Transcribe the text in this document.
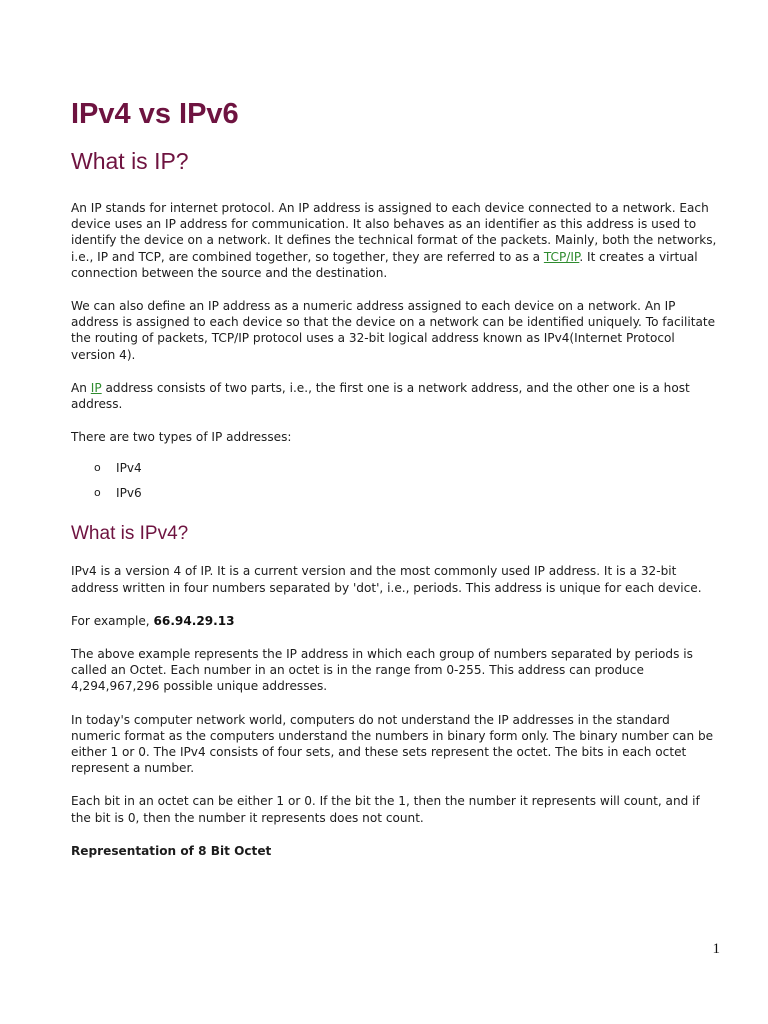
IPv4 vs IPv6
What is IP?

An IP stands for internet protocol. An IP address is assigned to each device connected to a network. Each device uses an IP address for communication. It also behaves as an identifier as this address is used to identify the device on a network. It defines the technical format of the packets. Mainly, both the networks, i.e., IP and TCP, are combined together, so together, they are referred to as a TCP/IP. It creates a virtual connection between the source and the destination.

We can also define an IP address as a numeric address assigned to each device on a network. An IP address is assigned to each device so that the device on a network can be identified uniquely. To facilitate the routing of packets, TCP/IP protocol uses a 32-bit logical address known as IPv4(Internet Protocol version 4).

An IP address consists of two parts, i.e., the first one is a network address, and the other one is a host address.

There are two types of IP addresses:

o IPv4
o IPv6
What is IPv4?

IPv4 is a version 4 of IP. It is a current version and the most commonly used IP address. It is a 32-bit address written in four numbers separated by 'dot', i.e., periods. This address is unique for each device.

For example, 66.94.29.13

The above example represents the IP address in which each group of numbers separated by periods is called an Octet. Each number in an octet is in the range from 0-255. This address can produce 4,294,967,296 possible unique addresses.

In today's computer network world, computers do not understand the IP addresses in the standard numeric format as the computers understand the numbers in binary form only. The binary number can be either 1 or 0. The IPv4 consists of four sets, and these sets represent the octet. The bits in each octet represent a number.

Each bit in an octet can be either 1 or 0. If the bit the 1, then the number it represents will count, and if the bit is 0, then the number it represents does not count.

Representation of 8 Bit Octet

1
